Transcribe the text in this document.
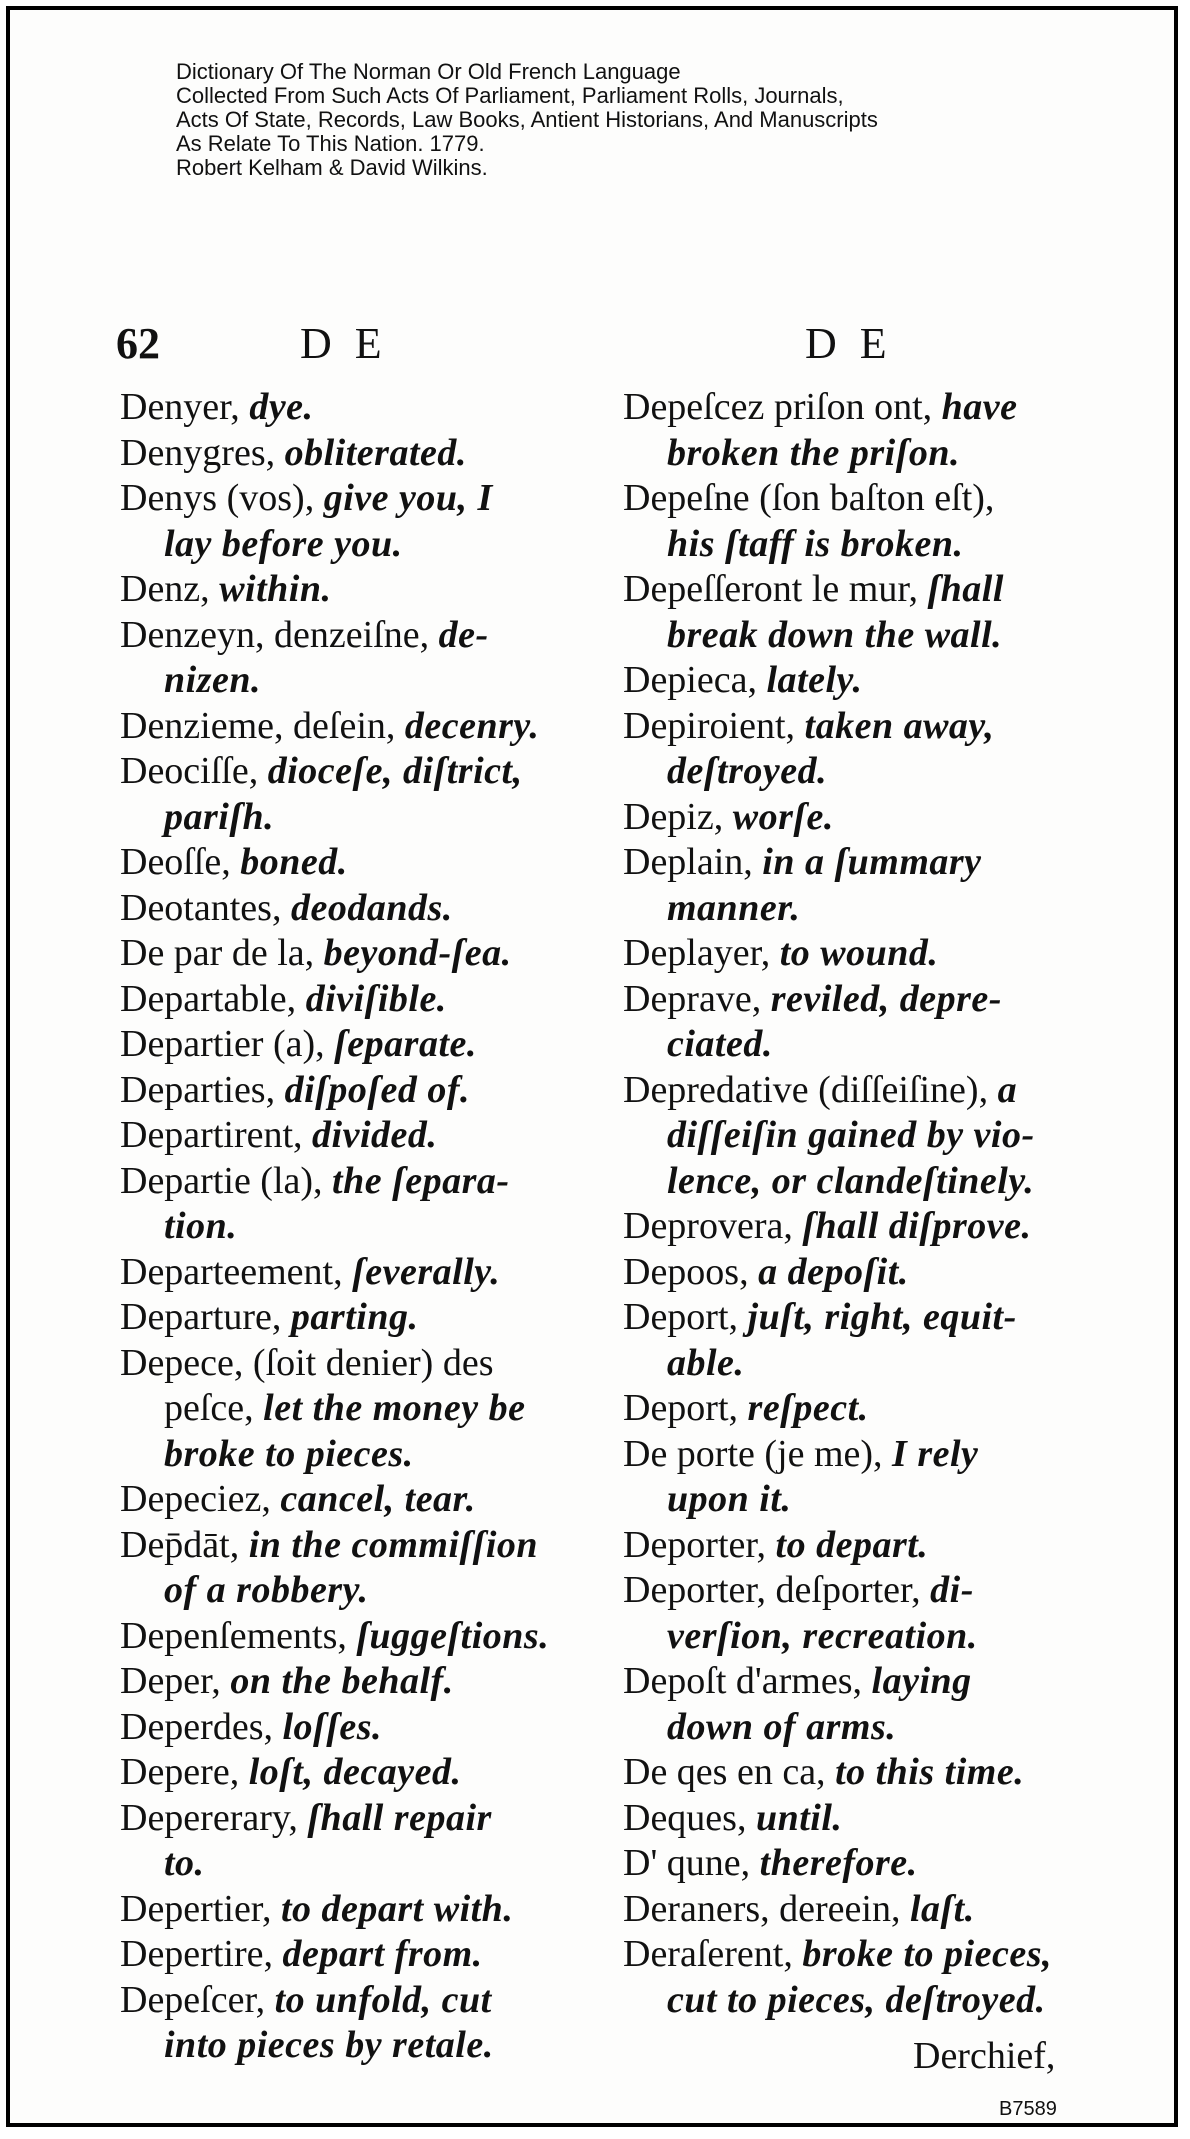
Dictionary Of The Norman Or Old French Language
Collected From Such Acts Of Parliament, Parliament Rolls, Journals,
Acts Of State, Records, Law Books, Antient Historians, And Manuscripts
As Relate To This Nation. 1779.
Robert Kelham & David Wilkins.
62	D E	D E
Denyer, dye.
Denygres, obliterated.
Denys (vos), give you, I
lay before you.
Denz, within.
Denzeyn, denzeiſne, de-
nizen.
Denzieme, deſein, decenry.
Deociſſe, dioceſe, diſtrict,
pariſh.
Deoſſe, boned.
Deotantes, deodands.
De par de la, beyond-ſea.
Departable, diviſible.
Departier (a), ſeparate.
Departies, diſpoſed of.
Departirent, divided.
Departie (la), the ſepara-
tion.
Departeement, ſeverally.
Departure, parting.
Depece, (ſoit denier) des
peſce, let the money be
broke to pieces.
Depeciez, cancel, tear.
Dep̄dāt, in the commiſſion
of a robbery.
Depenſements, ſuggeſtions.
Deper, on the behalf.
Deperdes, loſſes.
Depere, loſt, decayed.
Depererary, ſhall repair
to.
Depertier, to depart with.
Depertire, depart from.
Depeſcer, to unfold, cut
into pieces by retale.
Depeſcez priſon ont, have
broken the priſon.
Depeſne (ſon baſton eſt),
his ſtaff is broken.
Depeſſeront le mur, ſhall
break down the wall.
Depieca, lately.
Depiroient, taken away,
deſtroyed.
Depiz, worſe.
Deplain, in a ſummary
manner.
Deplayer, to wound.
Deprave, reviled, depre-
ciated.
Depredative (diſſeiſine), a
diſſeiſin gained by vio-
lence, or clandeſtinely.
Deprovera, ſhall diſprove.
Depoos, a depoſit.
Deport, juſt, right, equit-
able.
Deport, reſpect.
De porte (je me), I rely
upon it.
Deporter, to depart.
Deporter, deſporter, di-
verſion, recreation.
Depoſt d'armes, laying
down of arms.
De qes en ca, to this time.
Deques, until.
D' qune, therefore.
Deraners, dereein, laſt.
Deraſerent, broke to pieces,
cut to pieces, deſtroyed.
Derchief,
B7589
